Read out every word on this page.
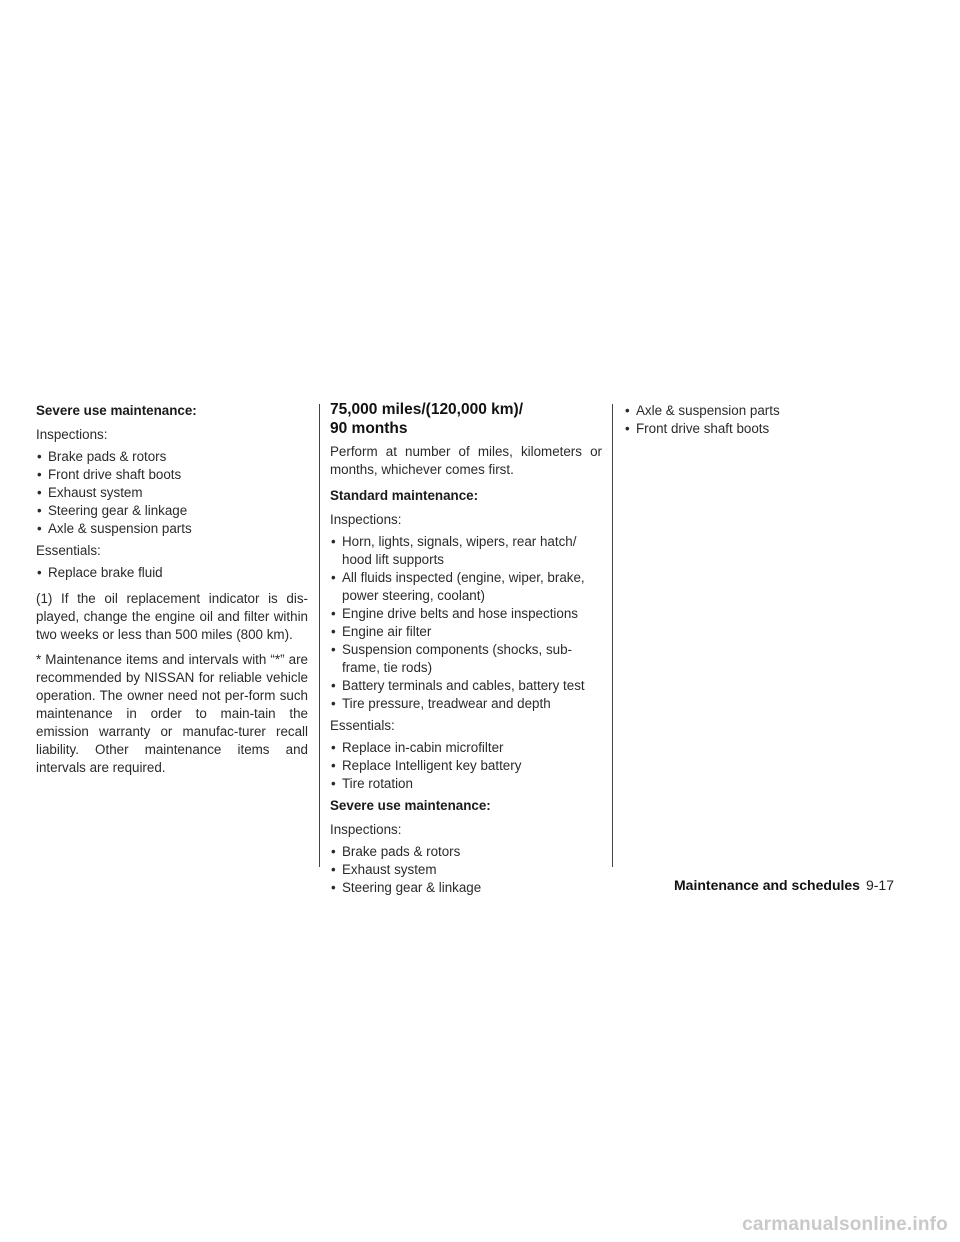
Severe use maintenance:
Inspections:
• Brake pads & rotors
• Front drive shaft boots
• Exhaust system
• Steering gear & linkage
• Axle & suspension parts
Essentials:
• Replace brake fluid

(1) If the oil replacement indicator is dis-played, change the engine oil and filter within two weeks or less than 500 miles (800 km).

* Maintenance items and intervals with “*” are recommended by NISSAN for reliable vehicle operation. The owner need not per-form such maintenance in order to main-tain the emission warranty or manufac-turer recall liability. Other maintenance items and intervals are required.

75,000 miles/(120,000 km)/
90 months

Perform at number of miles, kilometers or months, whichever comes first.

Standard maintenance:
Inspections:
• Horn, lights, signals, wipers, rear hatch/ hood lift supports
• All fluids inspected (engine, wiper, brake, power steering, coolant)
• Engine drive belts and hose inspections
• Engine air filter
• Suspension components (shocks, sub-frame, tie rods)
• Battery terminals and cables, battery test
• Tire pressure, treadwear and depth
Essentials:
• Replace in-cabin microfilter
• Replace Intelligent key battery
• Tire rotation
Severe use maintenance:
Inspections:
• Brake pads & rotors
• Exhaust system
• Steering gear & linkage
• Axle & suspension parts
• Front drive shaft boots
Maintenance and schedules 9-17
carmanualsonline.info
